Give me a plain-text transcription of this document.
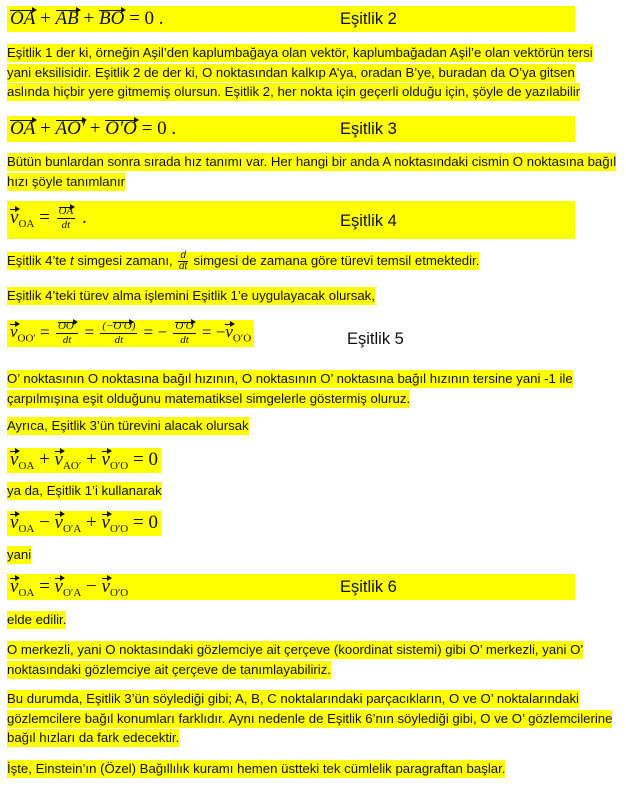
OA + AB + BO = 0 .	Eşitlik 2

Eşitlik 1 der ki, örneğin Aşil’den kaplumbağaya olan vektör, kaplumbağadan Aşil’e olan vektörün tersi yani eksilisidir. Eşitlik 2 de der ki, O noktasından kalkıp A’ya, oradan B’ye, buradan da O’ya gitsen aslında hiçbir yere gitmemiş olursun. Eşitlik 2, her nokta için geçerli olduğu için, şöyle de yazılabilir

OA + AO′ + O′O = 0 .	Eşitlik 3

Bütün bunlardan sonra sırada hız tanımı var. Her hangi bir anda A noktasındaki cismin O noktasına bağıl hızı şöyle tanımlanır

$v_{OA} = \frac{OA}{dt}$ .	Eşitlik 4

Eşitlik 4’te t simgesi zamanı, $\frac{d}{dt}$ simgesi de zamana göre türevi temsil etmektedir.

Eşitlik 4’teki türev alma işlemini Eşitlik 1’e uygulayacak olursak,

$v_{OO'} = \frac{OO'}{dt} = \frac{(-O'O)}{dt}$ = − $\frac{O'O}{dt} = -v_{O'O}$	Eşitlik 5

O’ noktasının O noktasına bağıl hızının, O noktasının O’ noktasına bağıl hızının tersine yani -1 ile çarpılmışına eşit olduğunu matematiksel simgelerle göstermiş oluruz.

Ayrıca, Eşitlik 3’ün türevini alacak olursak

$v_{OA} + v_{AO'} + v_{O'O} = 0$

ya da, Eşitlik 1’i kullanarak

$v_{OA} - v_{O'A} + v_{O'O} = 0$

yani

$v_{OA} = v_{O'A} - v_{O'O}$	Eşitlik 6

elde edilir.

O merkezli, yani O noktasındaki gözlemciye ait çerçeve (koordinat sistemi) gibi O’ merkezli, yani O’ noktasındaki gözlemciye ait çerçeve de tanımlayabiliriz.

Bu durumda, Eşitlik 3’ün söylediği gibi; A, B, C noktalarındaki parçacıkların, O ve O’ noktalarındaki gözlemcilere bağıl konumları farklıdır. Aynı nedenle de Eşitlik 6’nın söylediği gibi, O ve O’ gözlemcilerine bağıl hızları da fark edecektir.

İşte, Einstein’ın (Özel) Bağıllılık kuramı hemen üstteki tek cümlelik paragraftan başlar.
